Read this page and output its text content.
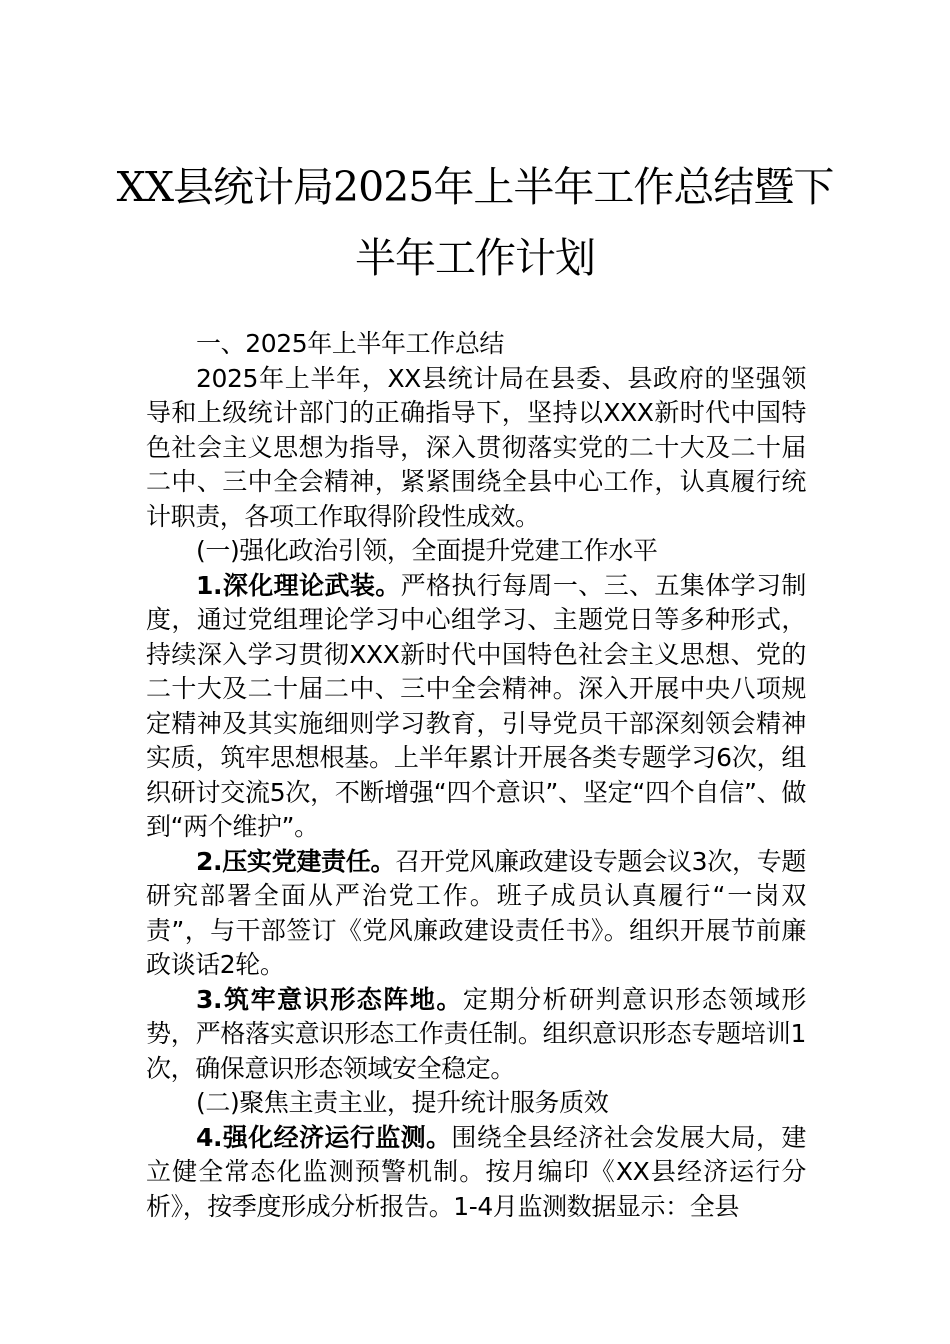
XX县统计局2025年上半年工作总结暨下
半年工作计划

一、2025年上半年工作总结

2025年上半年，XX县统计局在县委、县政府的坚强领导和上级统计部门的正确指导下，坚持以XXX新时代中国特色社会主义思想为指导，深入贯彻落实党的二十大及二十届二中、三中全会精神，紧紧围绕全县中心工作，认真履行统计职责，各项工作取得阶段性成效。

(一)强化政治引领，全面提升党建工作水平

1.深化理论武装。严格执行每周一、三、五集体学习制度，通过党组理论学习中心组学习、主题党日等多种形式，持续深入学习贯彻XXX新时代中国特色社会主义思想、党的二十大及二十届二中、三中全会精神。深入开展中央八项规定精神及其实施细则学习教育，引导党员干部深刻领会精神实质，筑牢思想根基。上半年累计开展各类专题学习6次，组织研讨交流5次，不断增强“四个意识”、坚定“四个自信”、做到“两个维护”。

2.压实党建责任。召开党风廉政建设专题会议3次，专题研究部署全面从严治党工作。班子成员认真履行“一岗双责”，与干部签订《党风廉政建设责任书》。组织开展节前廉政谈话2轮。

3.筑牢意识形态阵地。定期分析研判意识形态领域形势，严格落实意识形态工作责任制。组织意识形态专题培训1次，确保意识形态领域安全稳定。

(二)聚焦主责主业，提升统计服务质效

4.强化经济运行监测。围绕全县经济社会发展大局，建立健全常态化监测预警机制。按月编印《XX县经济运行分析》，按季度形成分析报告。1-4月监测数据显示：全县
